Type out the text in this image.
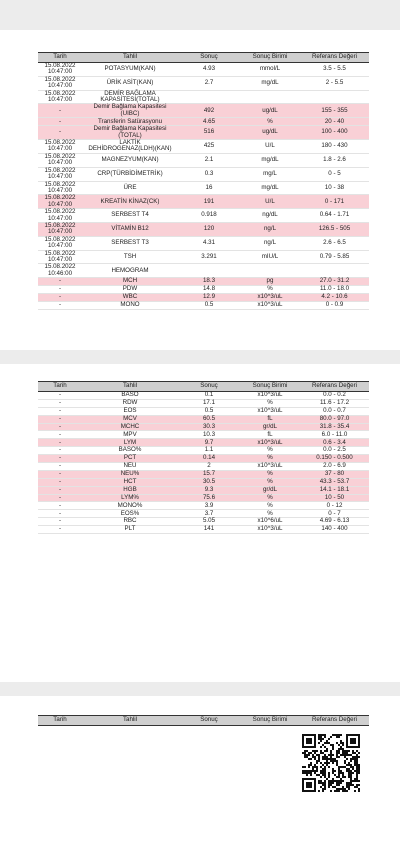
Tarih	Tahlil	Sonuç	Sonuç Birimi	Referans Değeri
15.08.2022
10:47:00	POTASYUM(KAN)	4.93	mmol/L	3.5 - 5.5
15.08.2022
10:47:00	ÜRİK ASİT(KAN)	2.7	mg/dL	2 - 5.5
15.08.2022
10:47:00	DEMİR BAĞLAMA
KAPASİTESİ(TOTAL)			
-	Demir Bağlama Kapasitesi
(UIBC)	492	ug/dL	155 - 355
-	Transferin Satürasyonu	4.65	%	20 - 40
-	Demir Bağlama Kapasitesi
(TOTAL)	516	ug/dL	100 - 400
15.08.2022
10:47:00	LAKTİK
DEHİDROGENAZ(LDH)(KAN)	425	U/L	180 - 430
15.08.2022
10:47:00	MAGNEZYUM(KAN)	2.1	mg/dL	1.8 - 2.6
15.08.2022
10:47:00	CRP(TÜRBİDİMETRİK)	0.3	mg/L	0 - 5
15.08.2022
10:47:00	ÜRE	16	mg/dL	10 - 38
15.08.2022
10:47:00	KREATİN KİNAZ(CK)	191	U/L	0 - 171
15.08.2022
10:47:00	SERBEST T4	0.918	ng/dL	0.64 - 1.71
15.08.2022
10:47:00	VİTAMİN B12	120	ng/L	126.5 - 505
15.08.2022
10:47:00	SERBEST T3	4.31	ng/L	2.6 - 6.5
15.08.2022
10:47:00	TSH	3.291	mIU/L	0.79 - 5.85
15.08.2022
10:46:00	HEMOGRAM			
-	MCH	18.3	pg	27.0 - 31.2
-	PDW	14.8	%	11.0 - 18.0
-	WBC	12.9	x10^3/uL	4.2 - 10.6
-	MONO	0.5	x10^3/uL	0 - 0.9
Tarih	Tahlil	Sonuç	Sonuç Birimi	Referans Değeri
-	BASO	0.1	x10^3/uL	0.0 - 0.2
-	RDW	17.1	%	11.6 - 17.2
-	EOS	0.5	x10^3/uL	0.0 - 0.7
-	MCV	60.5	fL	80.0 - 97.0
-	MCHC	30.3	gr/dL	31.8 - 35.4
-	MPV	10.3	fL	6.0 - 11.0
-	LYM	9.7	x10^3/uL	0.6 - 3.4
-	BASO%	1.1	%	0.0 - 2.5
-	PCT	0.14	%	0.150 - 0.500
-	NEU	2	x10^3/uL	2.0 - 6.9
-	NEU%	15.7	%	37 - 80
-	HCT	30.5	%	43.3 - 53.7
-	HGB	9.3	gr/dL	14.1 - 18.1
-	LYM%	75.6	%	10 - 50
-	MONO%	3.9	%	0 - 12
-	EOS%	3.7	%	0 - 7
-	RBC	5.05	x10^6/uL	4.69 - 6.13
-	PLT	141	x10^3/uL	140 - 400
Tarih	Tahlil	Sonuç	Sonuç Birimi	Referans Değeri
